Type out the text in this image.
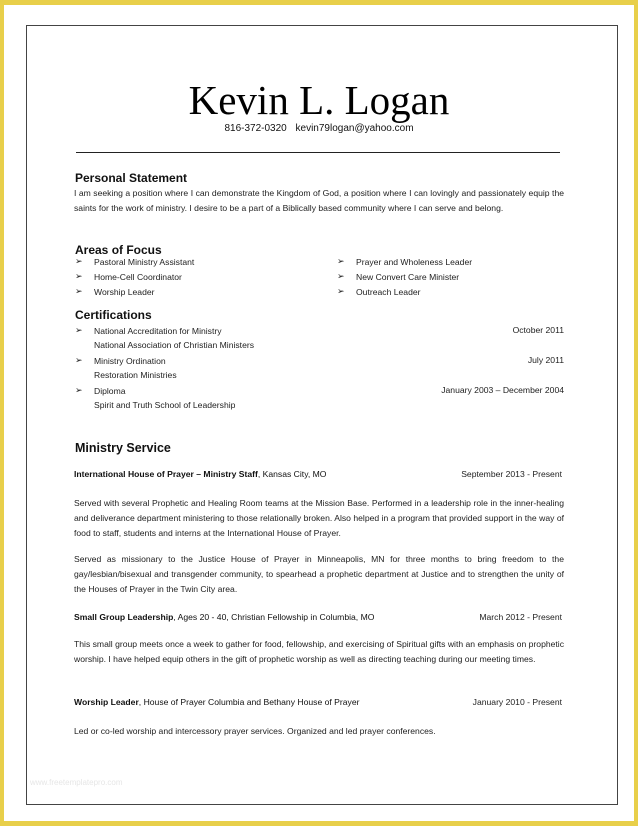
Kevin L. Logan
816-372-0320 kevin79logan@yahoo.com
Personal Statement
I am seeking a position where I can demonstrate the Kingdom of God, a position where I can lovingly and passionately equip the saints for the work of ministry. I desire to be a part of a Biblically based community where I can serve and belong.
Areas of Focus
➢ Pastoral Ministry Assistant
➢ Home-Cell Coordinator
➢ Worship Leader
➢ Prayer and Wholeness Leader
➢ New Convert Care Minister
➢ Outreach Leader
Certifications
➢ National Accreditation for Ministry
National Association of Christian Ministers
October 2011
➢ Ministry Ordination
Restoration Ministries
July 2011
➢ Diploma
Spirit and Truth School of Leadership
January 2003 – December 2004
Ministry Service
International House of Prayer – Ministry Staff, Kansas City, MO	September 2013 - Present
Served with several Prophetic and Healing Room teams at the Mission Base. Performed in a leadership role in the inner-healing and deliverance department ministering to those relationally broken. Also helped in a program that provided support in the way of food to staff, students and interns at the International House of Prayer.
Served as missionary to the Justice House of Prayer in Minneapolis, MN for three months to bring freedom to the gay/lesbian/bisexual and transgender community, to spearhead a prophetic department at Justice and to strengthen the unity of the Houses of Prayer in the Twin City area.
Small Group Leadership, Ages 20 - 40, Christian Fellowship in Columbia, MO	March 2012 - Present
This small group meets once a week to gather for food, fellowship, and exercising of Spiritual gifts with an emphasis on prophetic worship. I have helped equip others in the gift of prophetic worship as well as directing teaching during our meeting times.
Worship Leader, House of Prayer Columbia and Bethany House of Prayer	January 2010 - Present
Led or co-led worship and intercessory prayer services. Organized and led prayer conferences.
www.freetemplatepro.com
